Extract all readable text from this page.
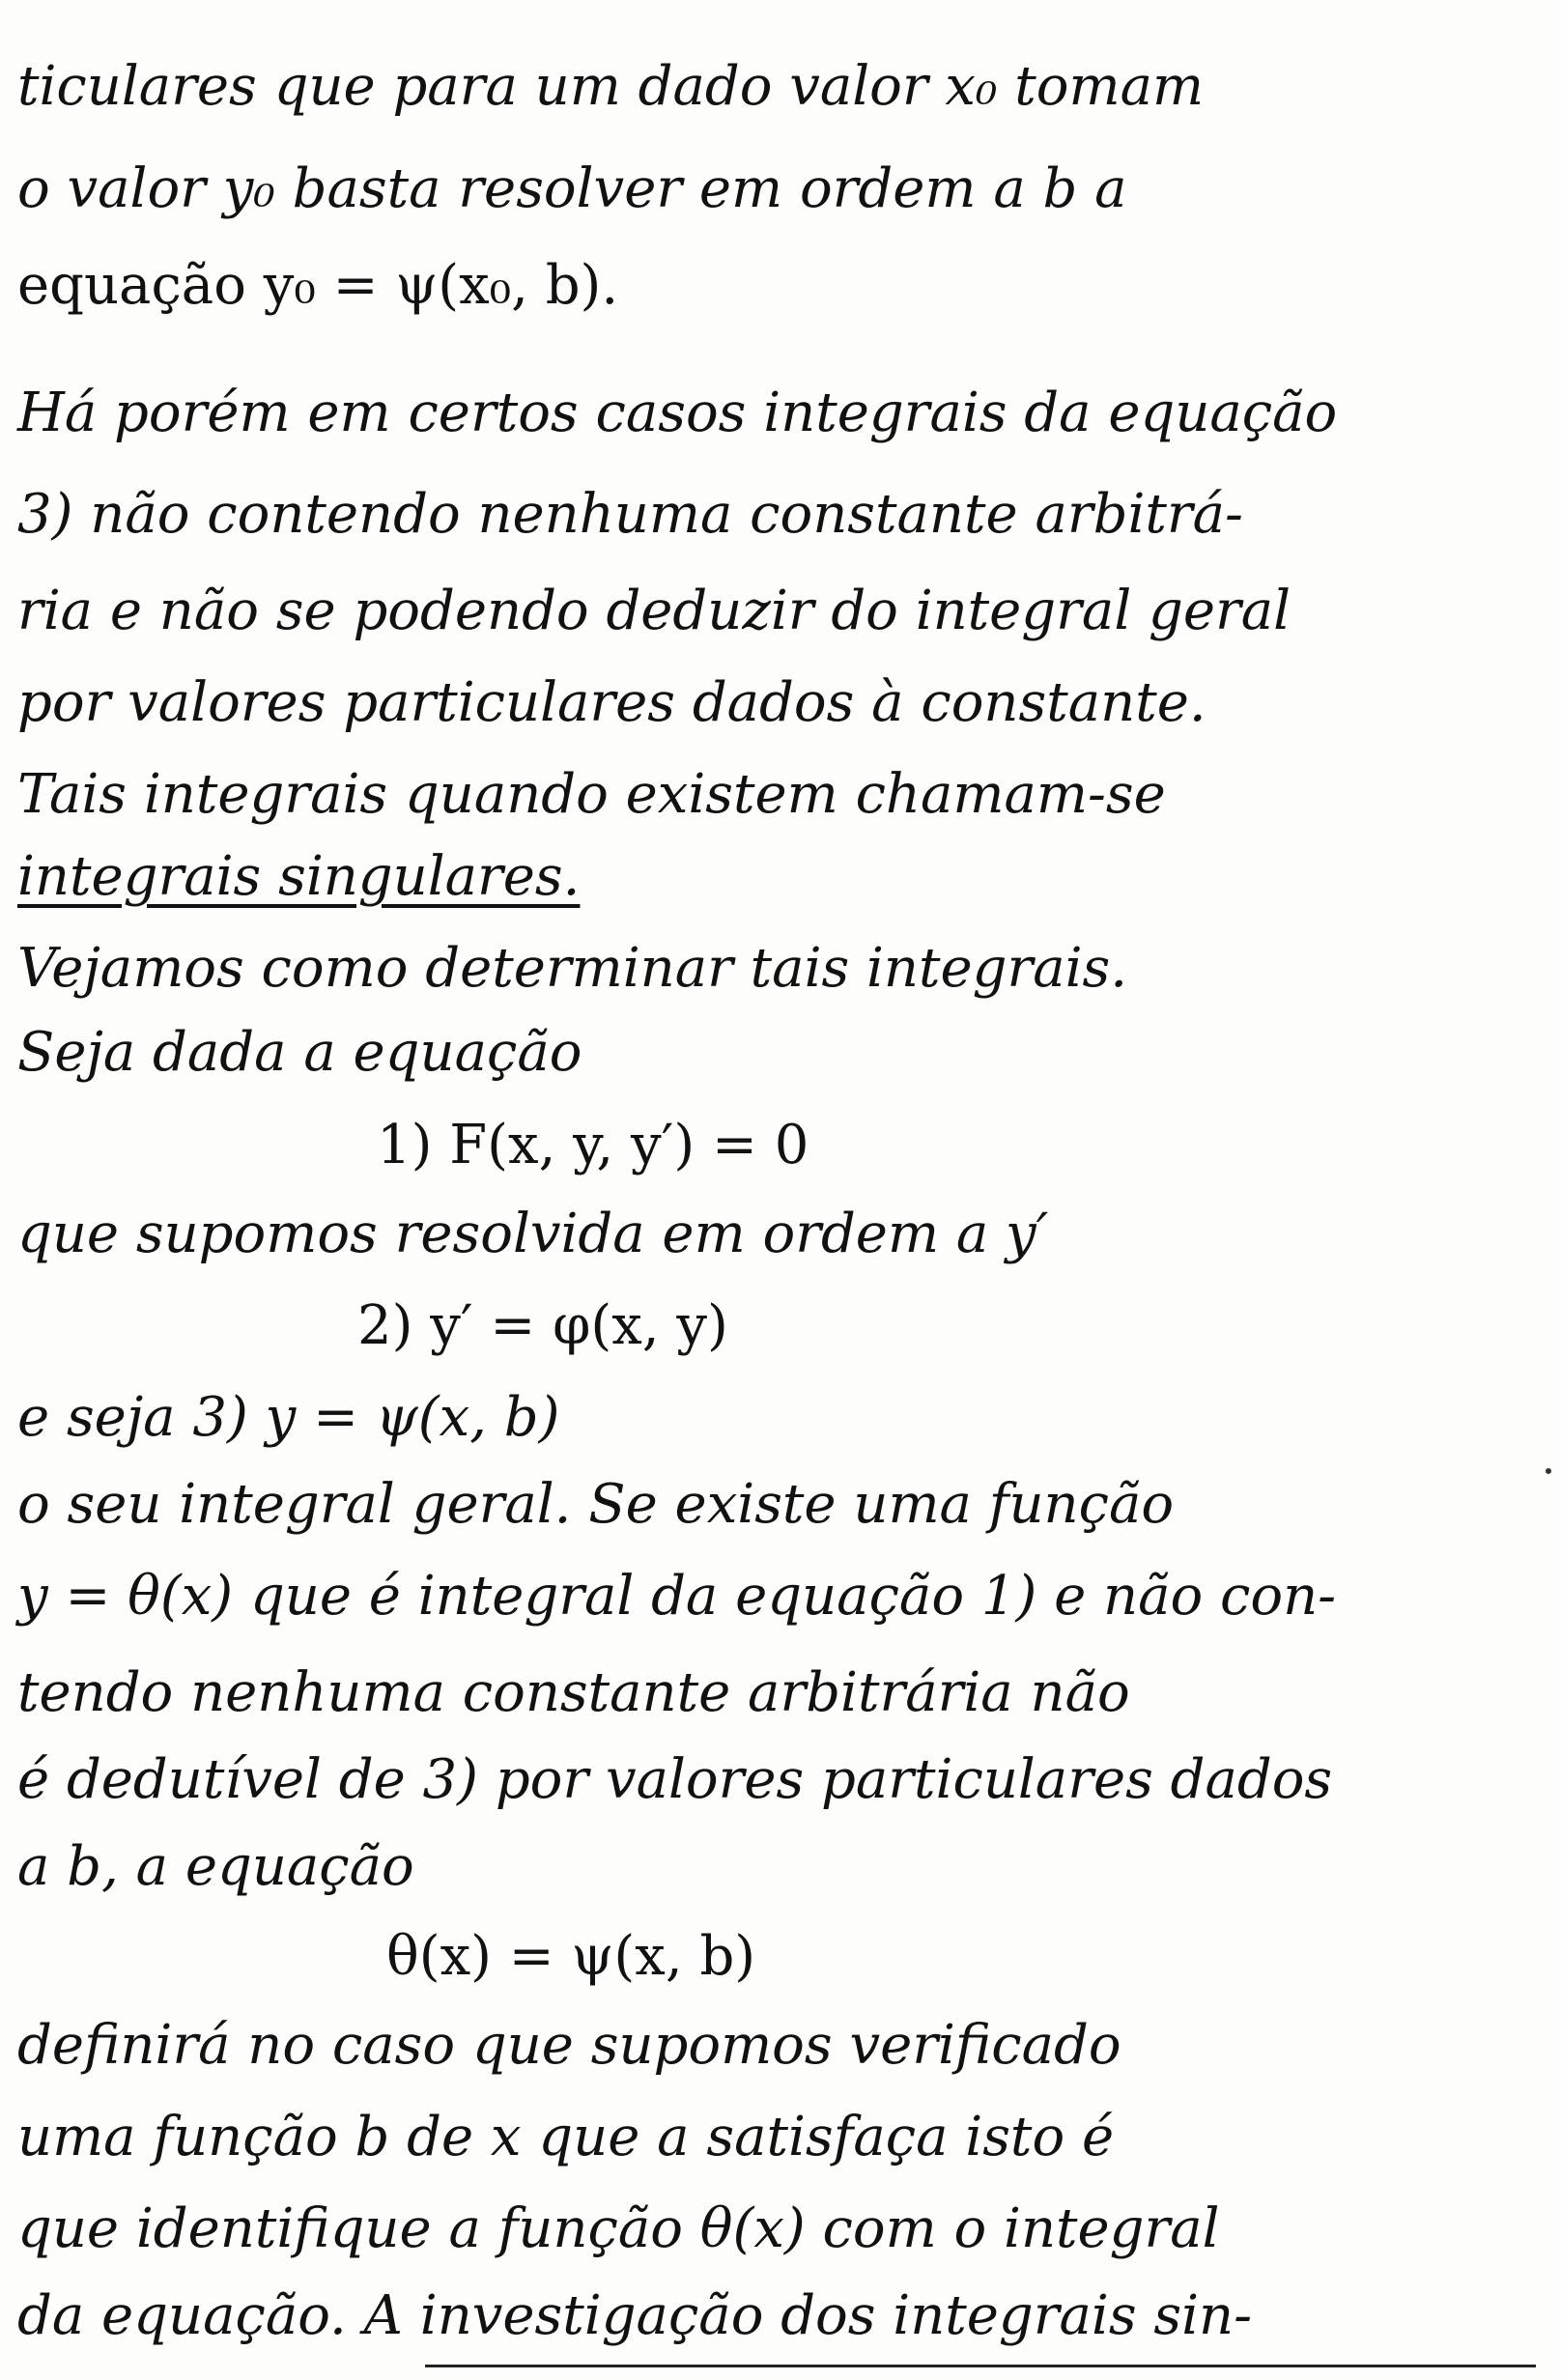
ticulares que para um dado valor x₀ tomam
o valor y₀ basta resolver em ordem a b a
equação y₀ = ψ(x₀, b).
Há porém em certos casos integrais da equação
3) não contendo nenhuma constante arbitrá-
ria e não se podendo deduzir do integral geral
por valores particulares dados à constante.
Tais integrais quando existem chamam-se
integrais singulares.
Vejamos como determinar tais integrais.
Seja dada a equação
1) F(x, y, y′) = 0
que supomos resolvida em ordem a y′
2) y′ = φ(x, y)
e seja 3) y = ψ(x, b)
o seu integral geral. Se existe uma função
y = θ(x) que é integral da equação 1) e não con-
tendo nenhuma constante arbitrária não
é dedutível de 3) por valores particulares dados
a b, a equação
θ(x) = ψ(x, b)
definirá no caso que supomos verificado
uma função b de x que a satisfaça isto é
que identifique a função θ(x) com o integral
da equação. A investigação dos integrais sin-
